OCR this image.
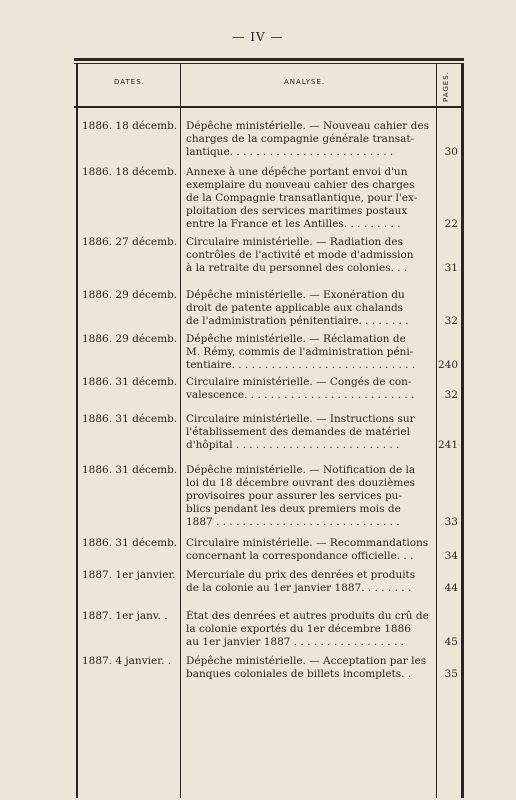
— IV —
DATES.	ANALYSE.	PAGES.
1886. 18 décemb. Dépêche ministérielle. — Nouveau cahier des
charges de la compagnie générale transat-
lantique. . . . . . . . . . . . . . . . . . . . . . . . .	30
1886. 18 décemb. Annexe à une dépêche portant envoi d'un
exemplaire du nouveau cahier des charges
de la Compagnie transatlantique, pour l'ex-
ploitation des services maritimes postaux
entre la France et les Antilles. . . . . . . . .	22
1886. 27 décemb. Circulaire ministérielle. — Radiation des
contrôles de l'activité et mode d'admission
à la retraite du personnel des colonies. . .	31
1886. 29 décemb. Dépêche ministérielle. — Exonération du
droit de patente applicable aux chalands
de l'administration pénitentiaire. . . . . . . .	32
1886. 29 décemb. Dépêche ministérielle. — Réclamation de
M. Rémy, commis de l'administration péni-
tentiaire. . . . . . . . . . . . . . . . . . . . . . . . . . . .	240
1886. 31 décemb. Circulaire ministérielle. — Congés de con-
valescence. . . . . . . . . . . . . . . . . . . . . . . . . .	32
1886. 31 décemb. Circulaire ministérielle. — Instructions sur
l'établissement des demandes de matériel
d'hôpital . . . . . . . . . . . . . . . . . . . . . . . . .	241
1886. 31 décemb. Dépêche ministérielle. — Notification de la
loi du 18 décembre ouvrant des douzièmes
provisoires pour assurer les services pu-
blics pendant les deux premiers mois de
1887 . . . . . . . . . . . . . . . . . . . . . . . . . . . .	33
1886. 31 décemb. Circulaire ministérielle. — Recommandations
concernant la correspondance officielle. . .	34
1887. 1er janvier. Mercuriale du prix des denrées et produits
de la colonie au 1er janvier 1887. . . . . . . .	44
1887. 1er janv. .	État des denrées et autres produits du crû de
la colonie exportés du 1er décembre 1886
au 1er janvier 1887 . . . . . . . . . . . . . . . . .	45
1887. 4 janvier. .	Dépêche ministérielle. — Acceptation par les
banques coloniales de billets incomplets. .	35
